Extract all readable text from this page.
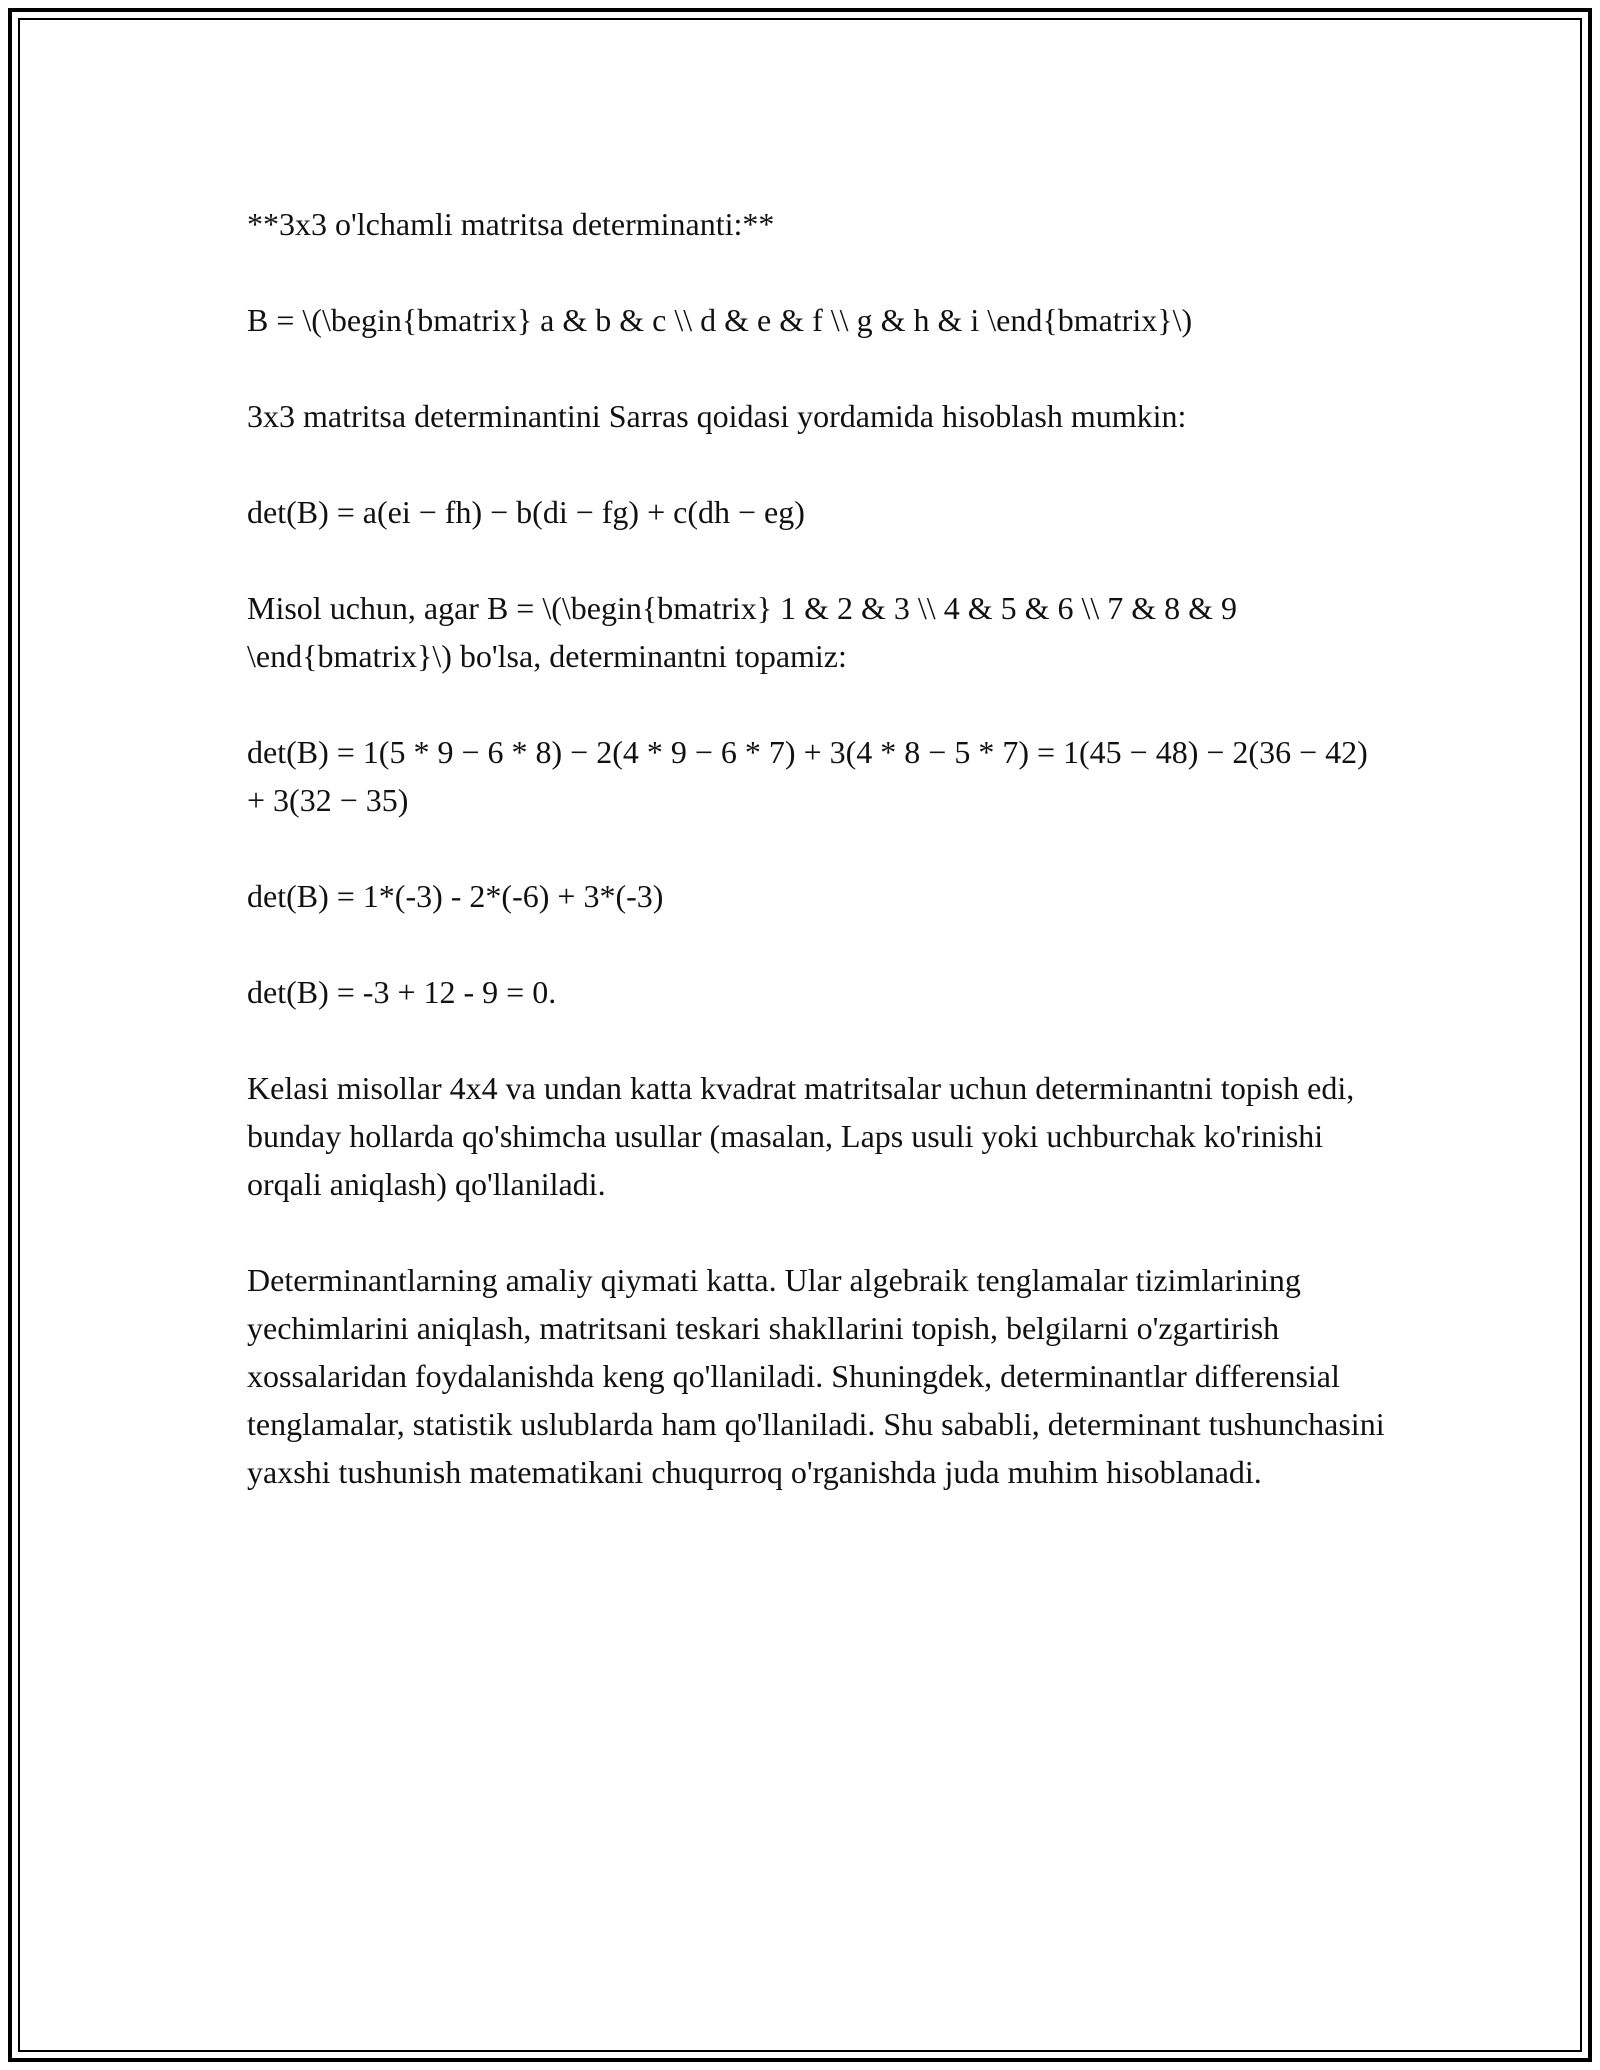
**3x3 o'lchamli matritsa determinanti:**

B = \(\begin{bmatrix} a & b & c \\ d & e & f \\ g & h & i \end{bmatrix}\)

3x3 matritsa determinantini Sarras qoidasi yordamida hisoblash mumkin:

det(B) = a(ei − fh) − b(di − fg) + c(dh − eg)

Misol uchun, agar B = \(\begin{bmatrix} 1 & 2 & 3 \\ 4 & 5 & 6 \\ 7 & 8 & 9 \end{bmatrix}\) bo'lsa, determinantni topamiz:

det(B) = 1(5 * 9 − 6 * 8) − 2(4 * 9 − 6 * 7) + 3(4 * 8 − 5 * 7) = 1(45 − 48) − 2(36 − 42) + 3(32 − 35)

det(B) = 1*(-3) - 2*(-6) + 3*(-3)

det(B) = -3 + 12 - 9 = 0.

Kelasi misollar 4x4 va undan katta kvadrat matritsalar uchun determinantni topish edi, bunday hollarda qo'shimcha usullar (masalan, Laps usuli yoki uchburchak ko'rinishi orqali aniqlash) qo'llaniladi.

Determinantlarning amaliy qiymati katta. Ular algebraik tenglamalar tizimlarining yechimlarini aniqlash, matritsani teskari shakllarini topish, belgilarni o'zgartirish xossalaridan foydalanishda keng qo'llaniladi. Shuningdek, determinantlar differensial tenglamalar, statistik uslublarda ham qo'llaniladi. Shu sababli, determinant tushunchasini yaxshi tushunish matematikani chuqurroq o'rganishda juda muhim hisoblanadi.
